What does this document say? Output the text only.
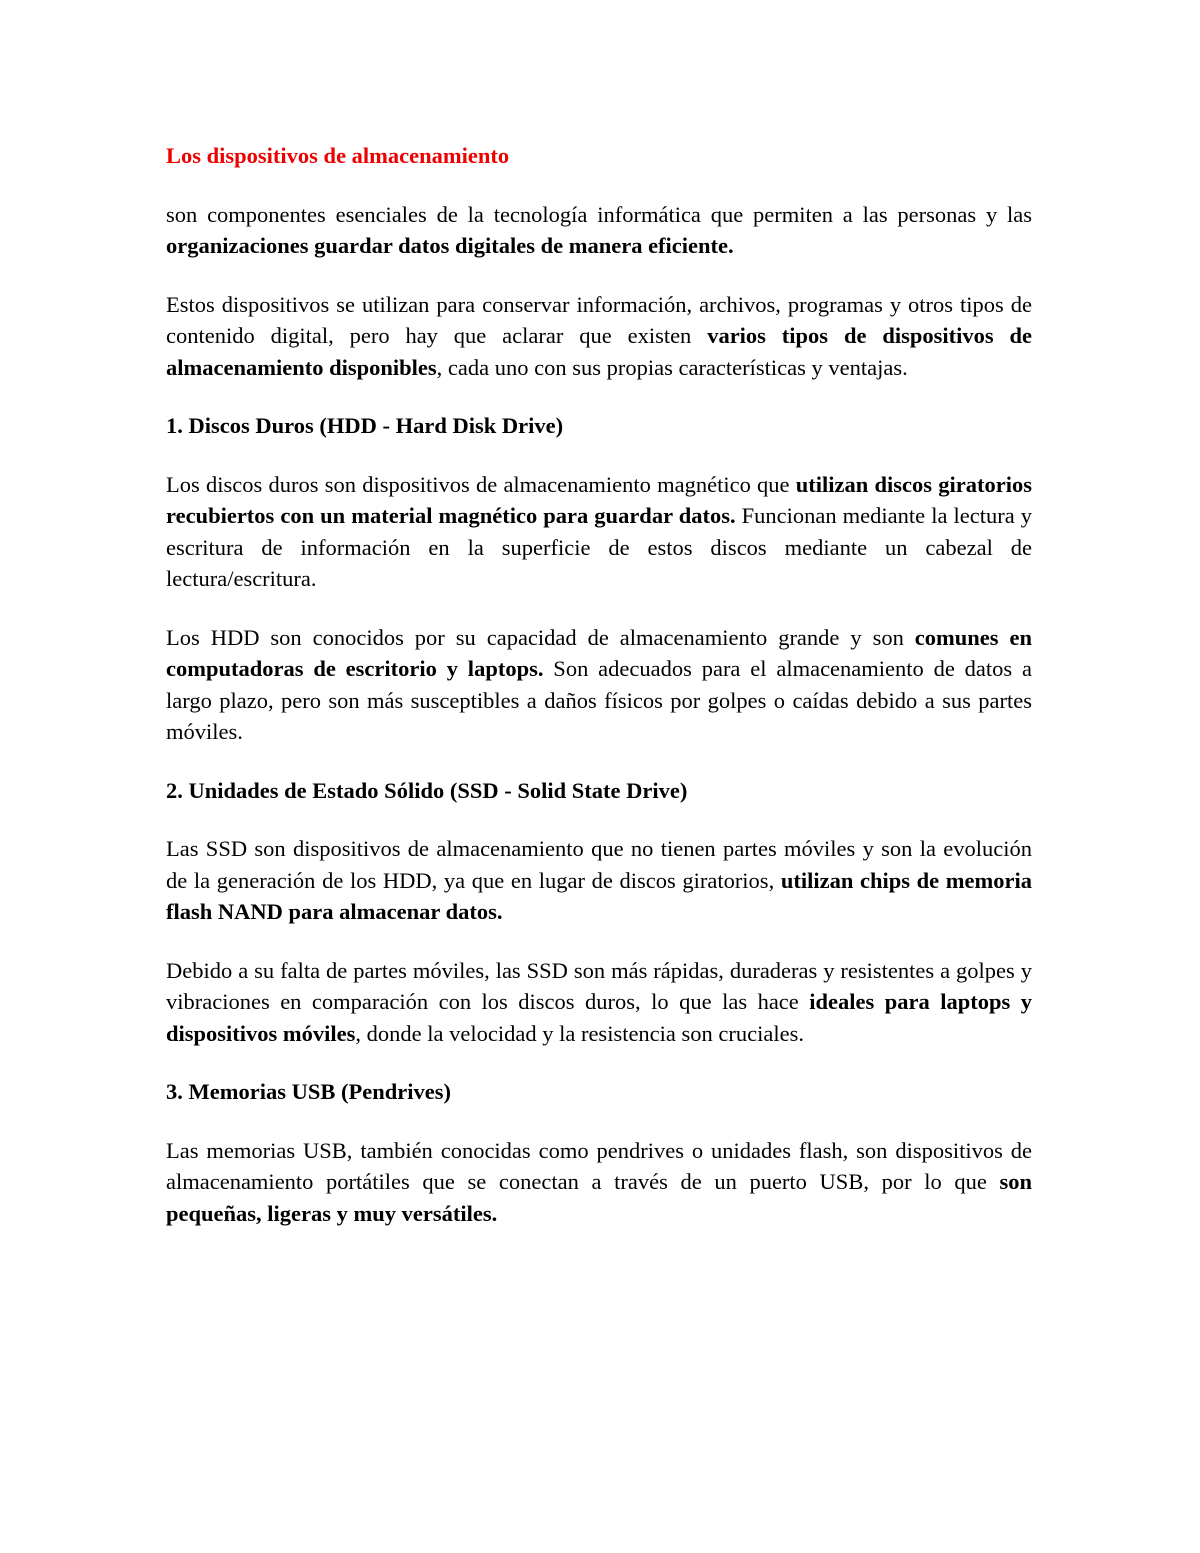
Los dispositivos de almacenamiento

son componentes esenciales de la tecnología informática que permiten a las personas y las organizaciones guardar datos digitales de manera eficiente.

Estos dispositivos se utilizan para conservar información, archivos, programas y otros tipos de contenido digital, pero hay que aclarar que existen varios tipos de dispositivos de almacenamiento disponibles, cada uno con sus propias características y ventajas.

1. Discos Duros (HDD - Hard Disk Drive)

Los discos duros son dispositivos de almacenamiento magnético que utilizan discos giratorios recubiertos con un material magnético para guardar datos. Funcionan mediante la lectura y escritura de información en la superficie de estos discos mediante un cabezal de lectura/escritura.

Los HDD son conocidos por su capacidad de almacenamiento grande y son comunes en computadoras de escritorio y laptops. Son adecuados para el almacenamiento de datos a largo plazo, pero son más susceptibles a daños físicos por golpes o caídas debido a sus partes móviles.

2. Unidades de Estado Sólido (SSD - Solid State Drive)

Las SSD son dispositivos de almacenamiento que no tienen partes móviles y son la evolución de la generación de los HDD, ya que en lugar de discos giratorios, utilizan chips de memoria flash NAND para almacenar datos.

Debido a su falta de partes móviles, las SSD son más rápidas, duraderas y resistentes a golpes y vibraciones en comparación con los discos duros, lo que las hace ideales para laptops y dispositivos móviles, donde la velocidad y la resistencia son cruciales.

3. Memorias USB (Pendrives)

Las memorias USB, también conocidas como pendrives o unidades flash, son dispositivos de almacenamiento portátiles que se conectan a través de un puerto USB, por lo que son pequeñas, ligeras y muy versátiles.
